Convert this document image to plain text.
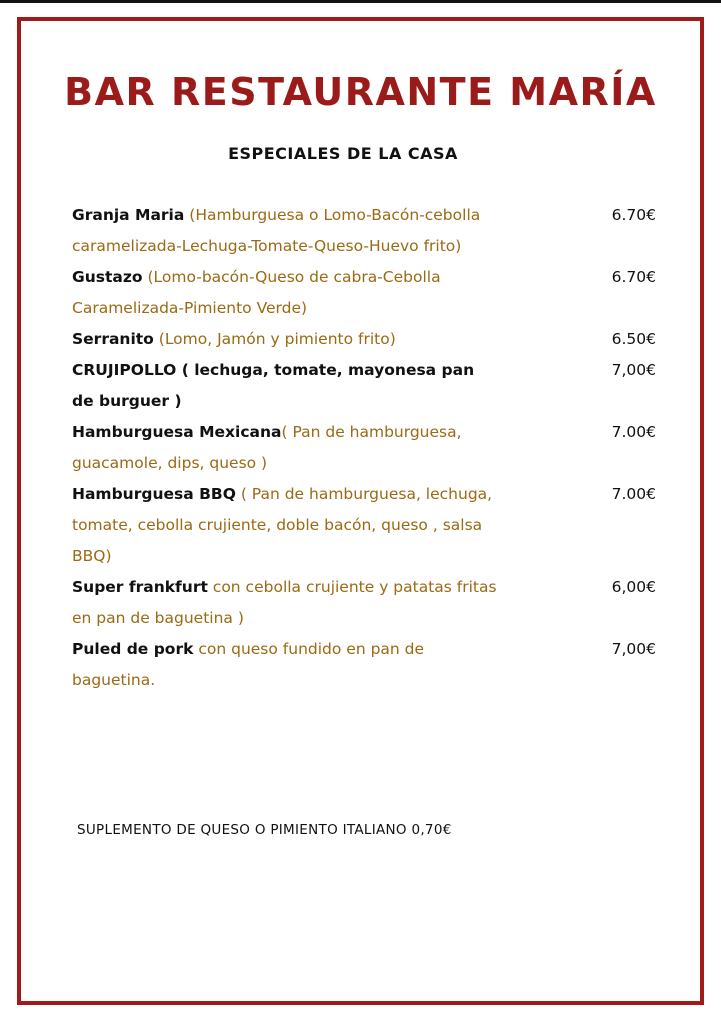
BAR RESTAURANTE MARÍA
ESPECIALES DE LA CASA
Granja Maria (Hamburguesa o Lomo-Bacón-cebolla caramelizada-Lechuga-Tomate-Queso-Huevo frito)
6.70€
Gustazo (Lomo-bacón-Queso de cabra-Cebolla Caramelizada-Pimiento Verde)
6.70€
Serranito (Lomo, Jamón y pimiento frito)	6.50€
CRUJIPOLLO ( lechuga, tomate, mayonesa pan de burguer )
7,00€
Hamburguesa Mexicana( Pan de hamburguesa, guacamole, dips, queso )
7.00€
Hamburguesa BBQ ( Pan de hamburguesa, lechuga, tomate, cebolla crujiente, doble bacón, queso , salsa BBQ)
7.00€
Super frankfurt con cebolla crujiente y patatas fritas en pan de baguetina )
6,00€
Puled de pork con queso fundido en pan de baguetina.
7,00€
SUPLEMENTO DE QUESO O PIMIENTO ITALIANO 0,70€
